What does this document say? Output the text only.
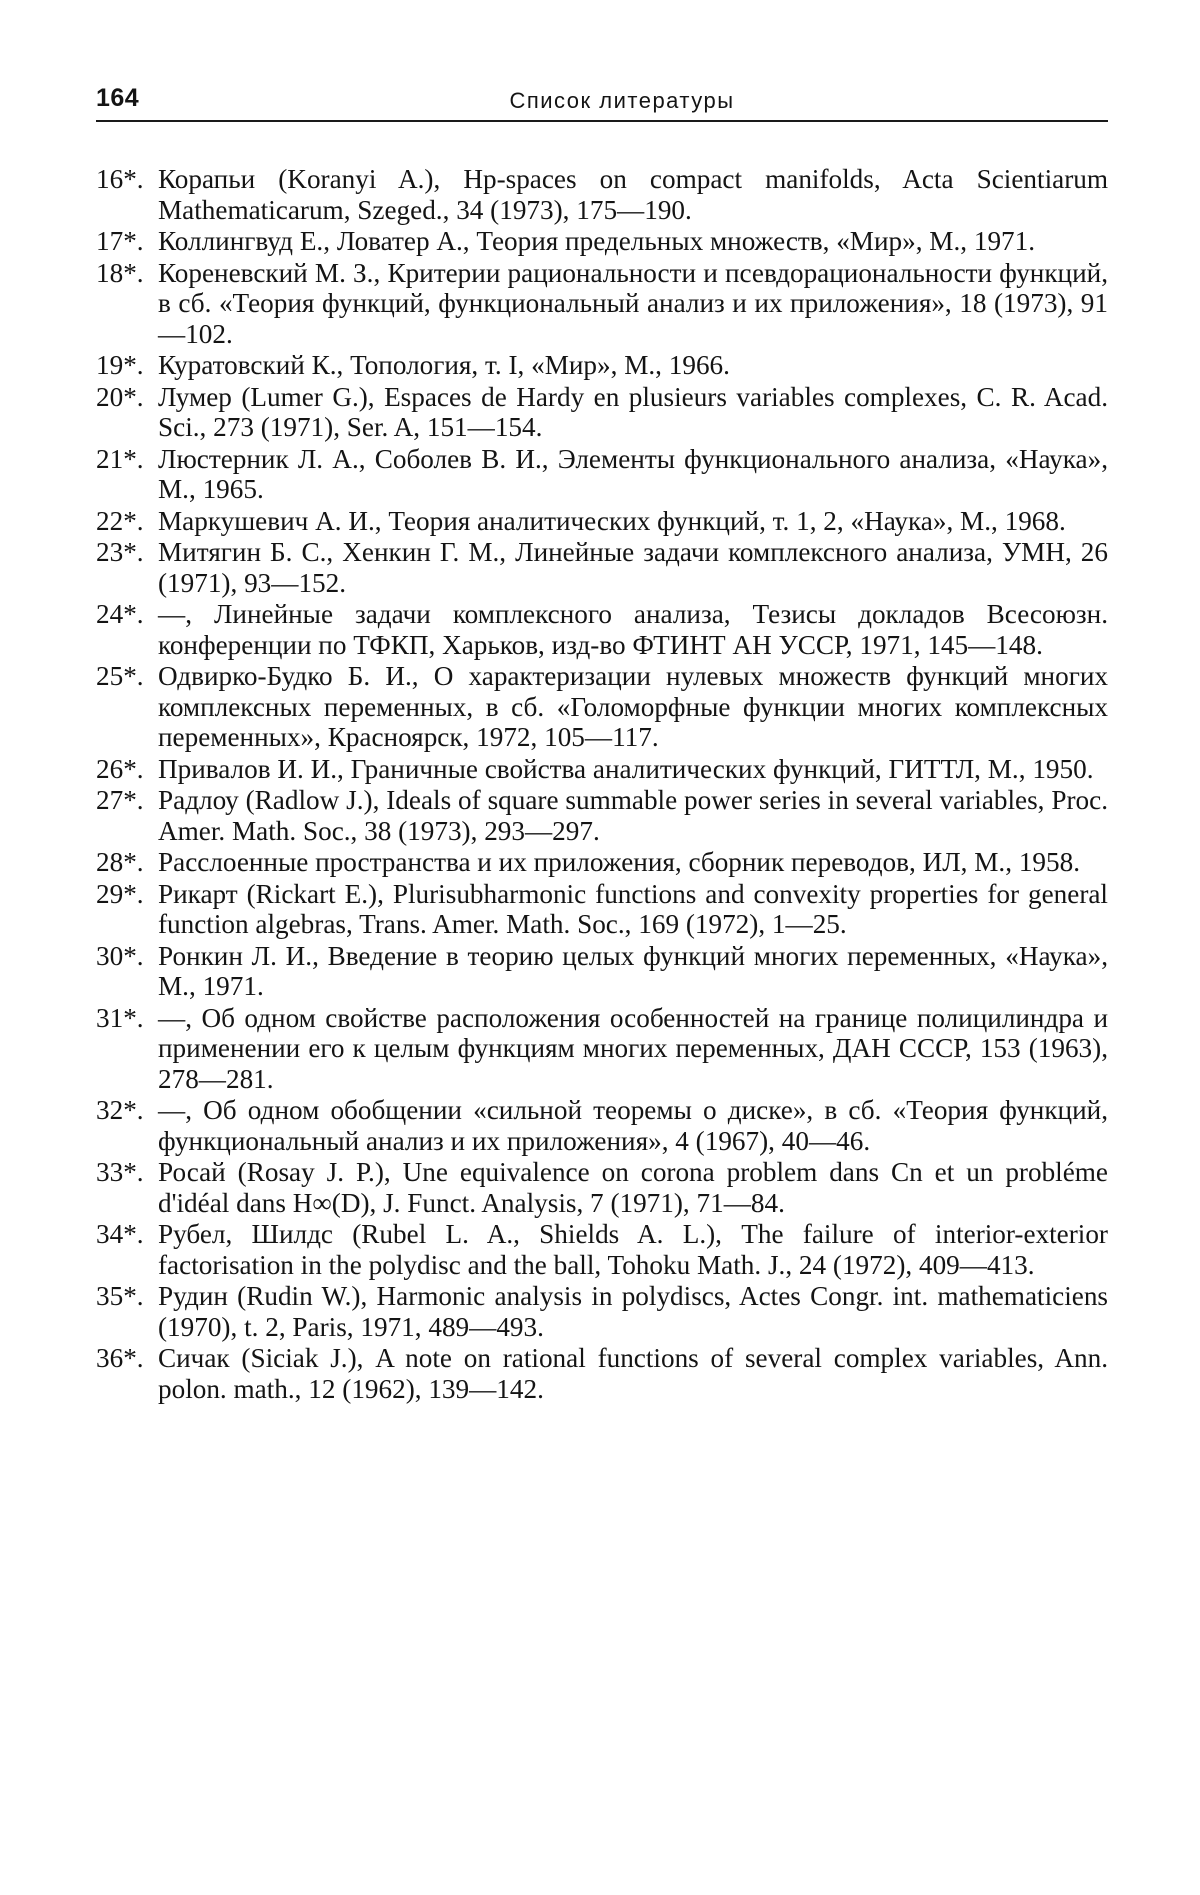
164	Список литературы
16*. Корапьи (Koranyi A.), Hp-spaces on compact manifolds, Acta Scientiarum Mathematicarum, Szeged., 34 (1973), 175—190.
17*. Коллингвуд Е., Ловатер А., Теория предельных множеств, «Мир», М., 1971.
18*. Кореневский М. З., Критерии рациональности и псевдорациональности функций, в сб. «Теория функций, функциональный анализ и их приложения», 18 (1973), 91—102.
19*. Куратовский К., Топология, т. I, «Мир», М., 1966.
20*. Лумер (Lumer G.), Espaces de Hardy en plusieurs variables complexes, C. R. Acad. Sci., 273 (1971), Ser. A, 151—154.
21*. Люстерник Л. А., Соболев В. И., Элементы функционального анализа, «Наука», М., 1965.
22*. Маркушевич А. И., Теория аналитических функций, т. 1, 2, «Наука», М., 1968.
23*. Митягин Б. С., Хенкин Г. М., Линейные задачи комплексного анализа, УМН, 26 (1971), 93—152.
24*. —, Линейные задачи комплексного анализа, Тезисы докладов Всесоюзн. конференции по ТФКП, Харьков, изд-во ФТИНТ АН УССР, 1971, 145—148.
25*. Одвирко-Будко Б. И., О характеризации нулевых множеств функций многих комплексных переменных, в сб. «Голоморфные функции многих комплексных переменных», Красноярск, 1972, 105—117.
26*. Привалов И. И., Граничные свойства аналитических функций, ГИТТЛ, М., 1950.
27*. Радлоу (Radlow J.), Ideals of square summable power series in several variables, Proc. Amer. Math. Soc., 38 (1973), 293—297.
28*. Расслоенные пространства и их приложения, сборник переводов, ИЛ, М., 1958.
29*. Рикарт (Rickart E.), Plurisubharmonic functions and convexity properties for general function algebras, Trans. Amer. Math. Soc., 169 (1972), 1—25.
30*. Ронкин Л. И., Введение в теорию целых функций многих переменных, «Наука», М., 1971.
31*. —, Об одном свойстве расположения особенностей на границе полицилиндра и применении его к целым функциям многих переменных, ДАН СССР, 153 (1963), 278—281.
32*. —, Об одном обобщении «сильной теоремы о диске», в сб. «Теория функций, функциональный анализ и их приложения», 4 (1967), 40—46.
33*. Росай (Rosay J. P.), Une equivalence on corona problem dans Cn et un probléme d'idéal dans H∞(D), J. Funct. Analysis, 7 (1971), 71—84.
34*. Рубел, Шилдс (Rubel L. A., Shields A. L.), The failure of interior-exterior factorisation in the polydisc and the ball, Tohoku Math. J., 24 (1972), 409—413.
35*. Рудин (Rudin W.), Harmonic analysis in polydiscs, Actes Congr. int. mathematiciens (1970), t. 2, Paris, 1971, 489—493.
36*. Сичак (Siciak J.), A note on rational functions of several complex variables, Ann. polon. math., 12 (1962), 139—142.
